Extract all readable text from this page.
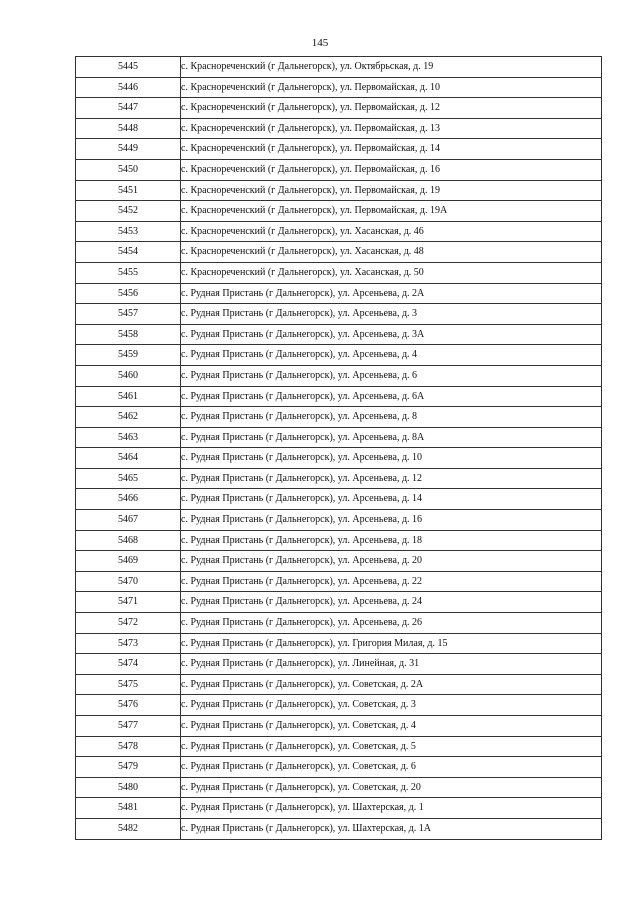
145
5445	с. Краснореченский (г Дальнегорск), ул. Октябрьская, д. 19
5446	с. Краснореченский (г Дальнегорск), ул. Первомайская, д. 10
5447	с. Краснореченский (г Дальнегорск), ул. Первомайская, д. 12
5448	с. Краснореченский (г Дальнегорск), ул. Первомайская, д. 13
5449	с. Краснореченский (г Дальнегорск), ул. Первомайская, д. 14
5450	с. Краснореченский (г Дальнегорск), ул. Первомайская, д. 16
5451	с. Краснореченский (г Дальнегорск), ул. Первомайская, д. 19
5452	с. Краснореченский (г Дальнегорск), ул. Первомайская, д. 19А
5453	с. Краснореченский (г Дальнегорск), ул. Хасанская, д. 46
5454	с. Краснореченский (г Дальнегорск), ул. Хасанская, д. 48
5455	с. Краснореченский (г Дальнегорск), ул. Хасанская, д. 50
5456	с. Рудная Пристань (г Дальнегорск), ул. Арсеньева, д. 2А
5457	с. Рудная Пристань (г Дальнегорск), ул. Арсеньева, д. 3
5458	с. Рудная Пристань (г Дальнегорск), ул. Арсеньева, д. 3А
5459	с. Рудная Пристань (г Дальнегорск), ул. Арсеньева, д. 4
5460	с. Рудная Пристань (г Дальнегорск), ул. Арсеньева, д. 6
5461	с. Рудная Пристань (г Дальнегорск), ул. Арсеньева, д. 6А
5462	с. Рудная Пристань (г Дальнегорск), ул. Арсеньева, д. 8
5463	с. Рудная Пристань (г Дальнегорск), ул. Арсеньева, д. 8А
5464	с. Рудная Пристань (г Дальнегорск), ул. Арсеньева, д. 10
5465	с. Рудная Пристань (г Дальнегорск), ул. Арсеньева, д. 12
5466	с. Рудная Пристань (г Дальнегорск), ул. Арсеньева, д. 14
5467	с. Рудная Пристань (г Дальнегорск), ул. Арсеньева, д. 16
5468	с. Рудная Пристань (г Дальнегорск), ул. Арсеньева, д. 18
5469	с. Рудная Пристань (г Дальнегорск), ул. Арсеньева, д. 20
5470	с. Рудная Пристань (г Дальнегорск), ул. Арсеньева, д. 22
5471	с. Рудная Пристань (г Дальнегорск), ул. Арсеньева, д. 24
5472	с. Рудная Пристань (г Дальнегорск), ул. Арсеньева, д. 26
5473	с. Рудная Пристань (г Дальнегорск), ул. Григория Милая, д. 15
5474	с. Рудная Пристань (г Дальнегорск), ул. Линейная, д. 31
5475	с. Рудная Пристань (г Дальнегорск), ул. Советская, д. 2А
5476	с. Рудная Пристань (г Дальнегорск), ул. Советская, д. 3
5477	с. Рудная Пристань (г Дальнегорск), ул. Советская, д. 4
5478	с. Рудная Пристань (г Дальнегорск), ул. Советская, д. 5
5479	с. Рудная Пристань (г Дальнегорск), ул. Советская, д. 6
5480	с. Рудная Пристань (г Дальнегорск), ул. Советская, д. 20
5481	с. Рудная Пристань (г Дальнегорск), ул. Шахтерская, д. 1
5482	с. Рудная Пристань (г Дальнегорск), ул. Шахтерская, д. 1А
